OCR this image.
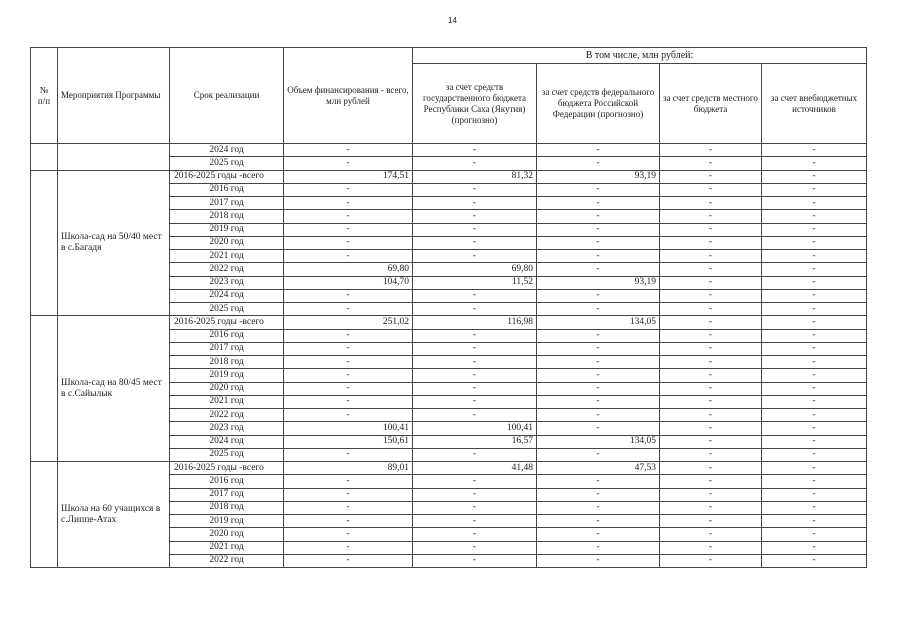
14
№
п/п	Мероприятия Программы	Срок реализации	Объем финансирования - всего, млн рублей	В том числе, млн рублей:			
				за счет средств государственного бюджета Республики Саха (Якутия) (прогнозно)	за счет средств федерального бюджета Российской Федерации (прогнозно)	за счет средств местного бюджета	за счет внебюджетных источников
		2024 год	-	-	-	-	-
		2025 год	-	-	-	-	-
	Школа-сад на 50/40 мест в с.Багадя	2016-2025 годы -всего	174,51	81,32	93,19	-	-
		2016 год	-	-	-	-	-
		2017 год	-	-	-	-	-
		2018 год	-	-	-	-	-
		2019 год	-	-	-	-	-
		2020 год	-	-	-	-	-
		2021 год	-	-	-	-	-
		2022 год	69,80	69,80	-	-	-
		2023 год	104,70	11,52	93,19	-	-
		2024 год	-	-	-	-	-
		2025 год	-	-	-	-	-
	Школа-сад на 80/45 мест в с.Сайылык	2016-2025 годы -всего	251,02	116,98	134,05	-	-
		2016 год	-	-	-	-	-
		2017 год	-	-	-	-	-
		2018 год	-	-	-	-	-
		2019 год	-	-	-	-	-
		2020 год	-	-	-	-	-
		2021 год	-	-	-	-	-
		2022 год	-	-	-	-	-
		2023 год	100,41	100,41	-	-	-
		2024 год	150,61	16,57	134,05	-	-
		2025 год	-	-	-	-	-
	Школа на 60 учащихся в с.Липпе-Атах	2016-2025 годы -всего	89,01	41,48	47,53	-	-
		2016 год	-	-	-	-	-
		2017 год	-	-	-	-	-
		2018 год	-	-	-	-	-
		2019 год	-	-	-	-	-
		2020 год	-	-	-	-	-
		2021 год	-	-	-	-	-
		2022 год	-	-	-	-	-
